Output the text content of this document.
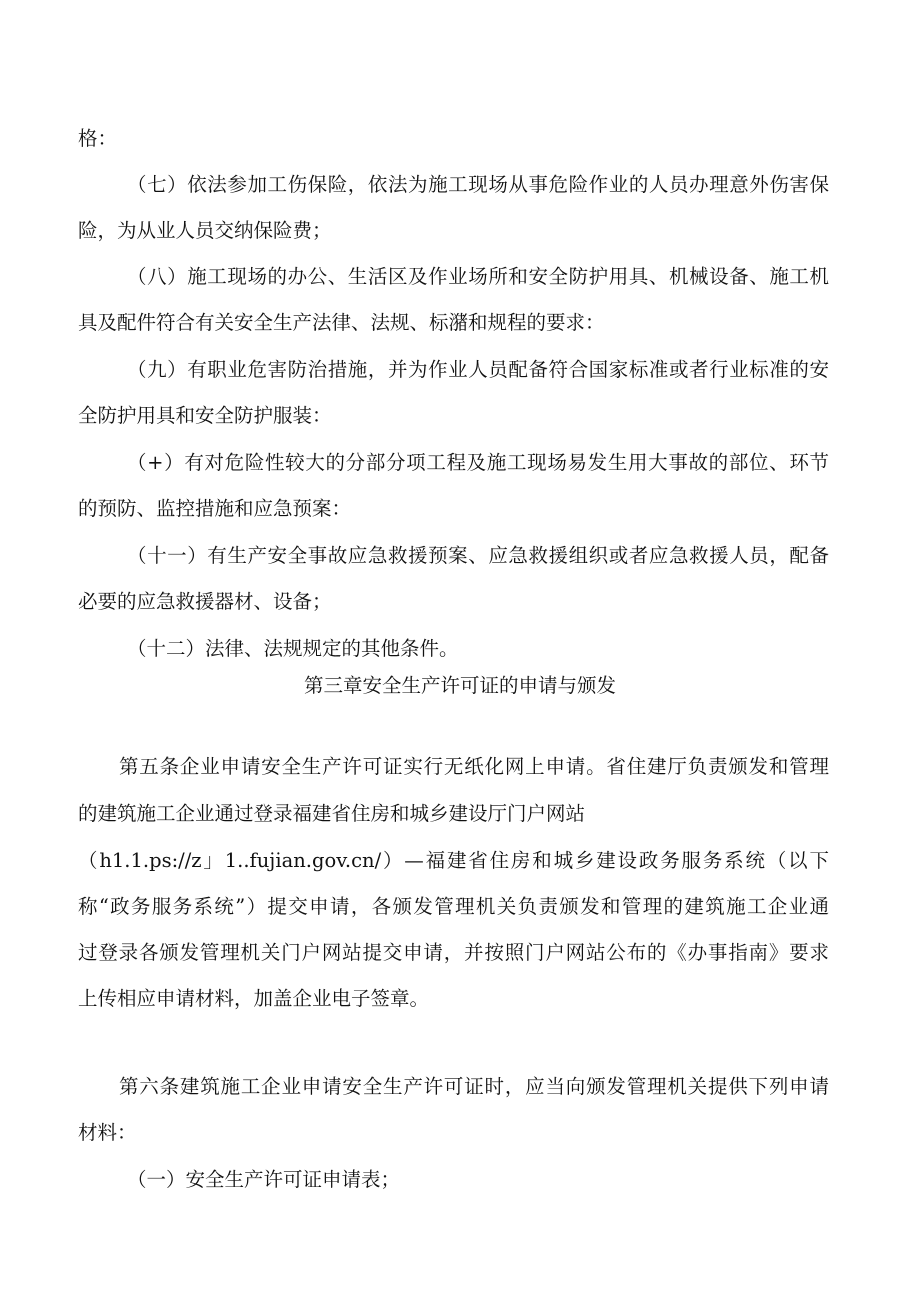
格：
（七）依法参加工伤保险，依法为施工现场从事危险作业的人员办理意外伤害保
险，为从业人员交纳保险费；
（八）施工现场的办公、生活区及作业场所和安全防护用具、机械设备、施工机
具及配件符合有关安全生产法律、法规、标潴和规程的要求：
（九）有职业危害防治措施，并为作业人员配备符合国家标准或者行业标准的安
全防护用具和安全防护服装：
（+）有对危险性较大的分部分项工程及施工现场易发生用大事故的部位、环节
的预防、监控措施和应急预案：
（十一）有生产安全事故应急救援预案、应急救援组织或者应急救援人员，配备
必要的应急救援器材、设备；
（十二）法律、法规规定的其他条件。
第三章安全生产许可证的申请与颁发
第五条企业申请安全生产许可证实行无纸化网上申请。省住建厅负责颁发和管理
的建筑施工企业通过登录福建省住房和城乡建设厅门户网站
（h1.1.ps://z」1..fujian.gov.cn/）—福建省住房和城乡建设政务服务系统（以下
称“政务服务系统”）提交申请，各颁发管理机关负责颁发和管理的建筑施工企业通
过登录各颁发管理机关门户网站提交申请，并按照门户网站公布的《办事指南》要求
上传相应申请材料，加盖企业电子签章。
第六条建筑施工企业申请安全生产许可证时，应当向颁发管理机关提供下列申请
材料：
（一）安全生产许可证申请表；
